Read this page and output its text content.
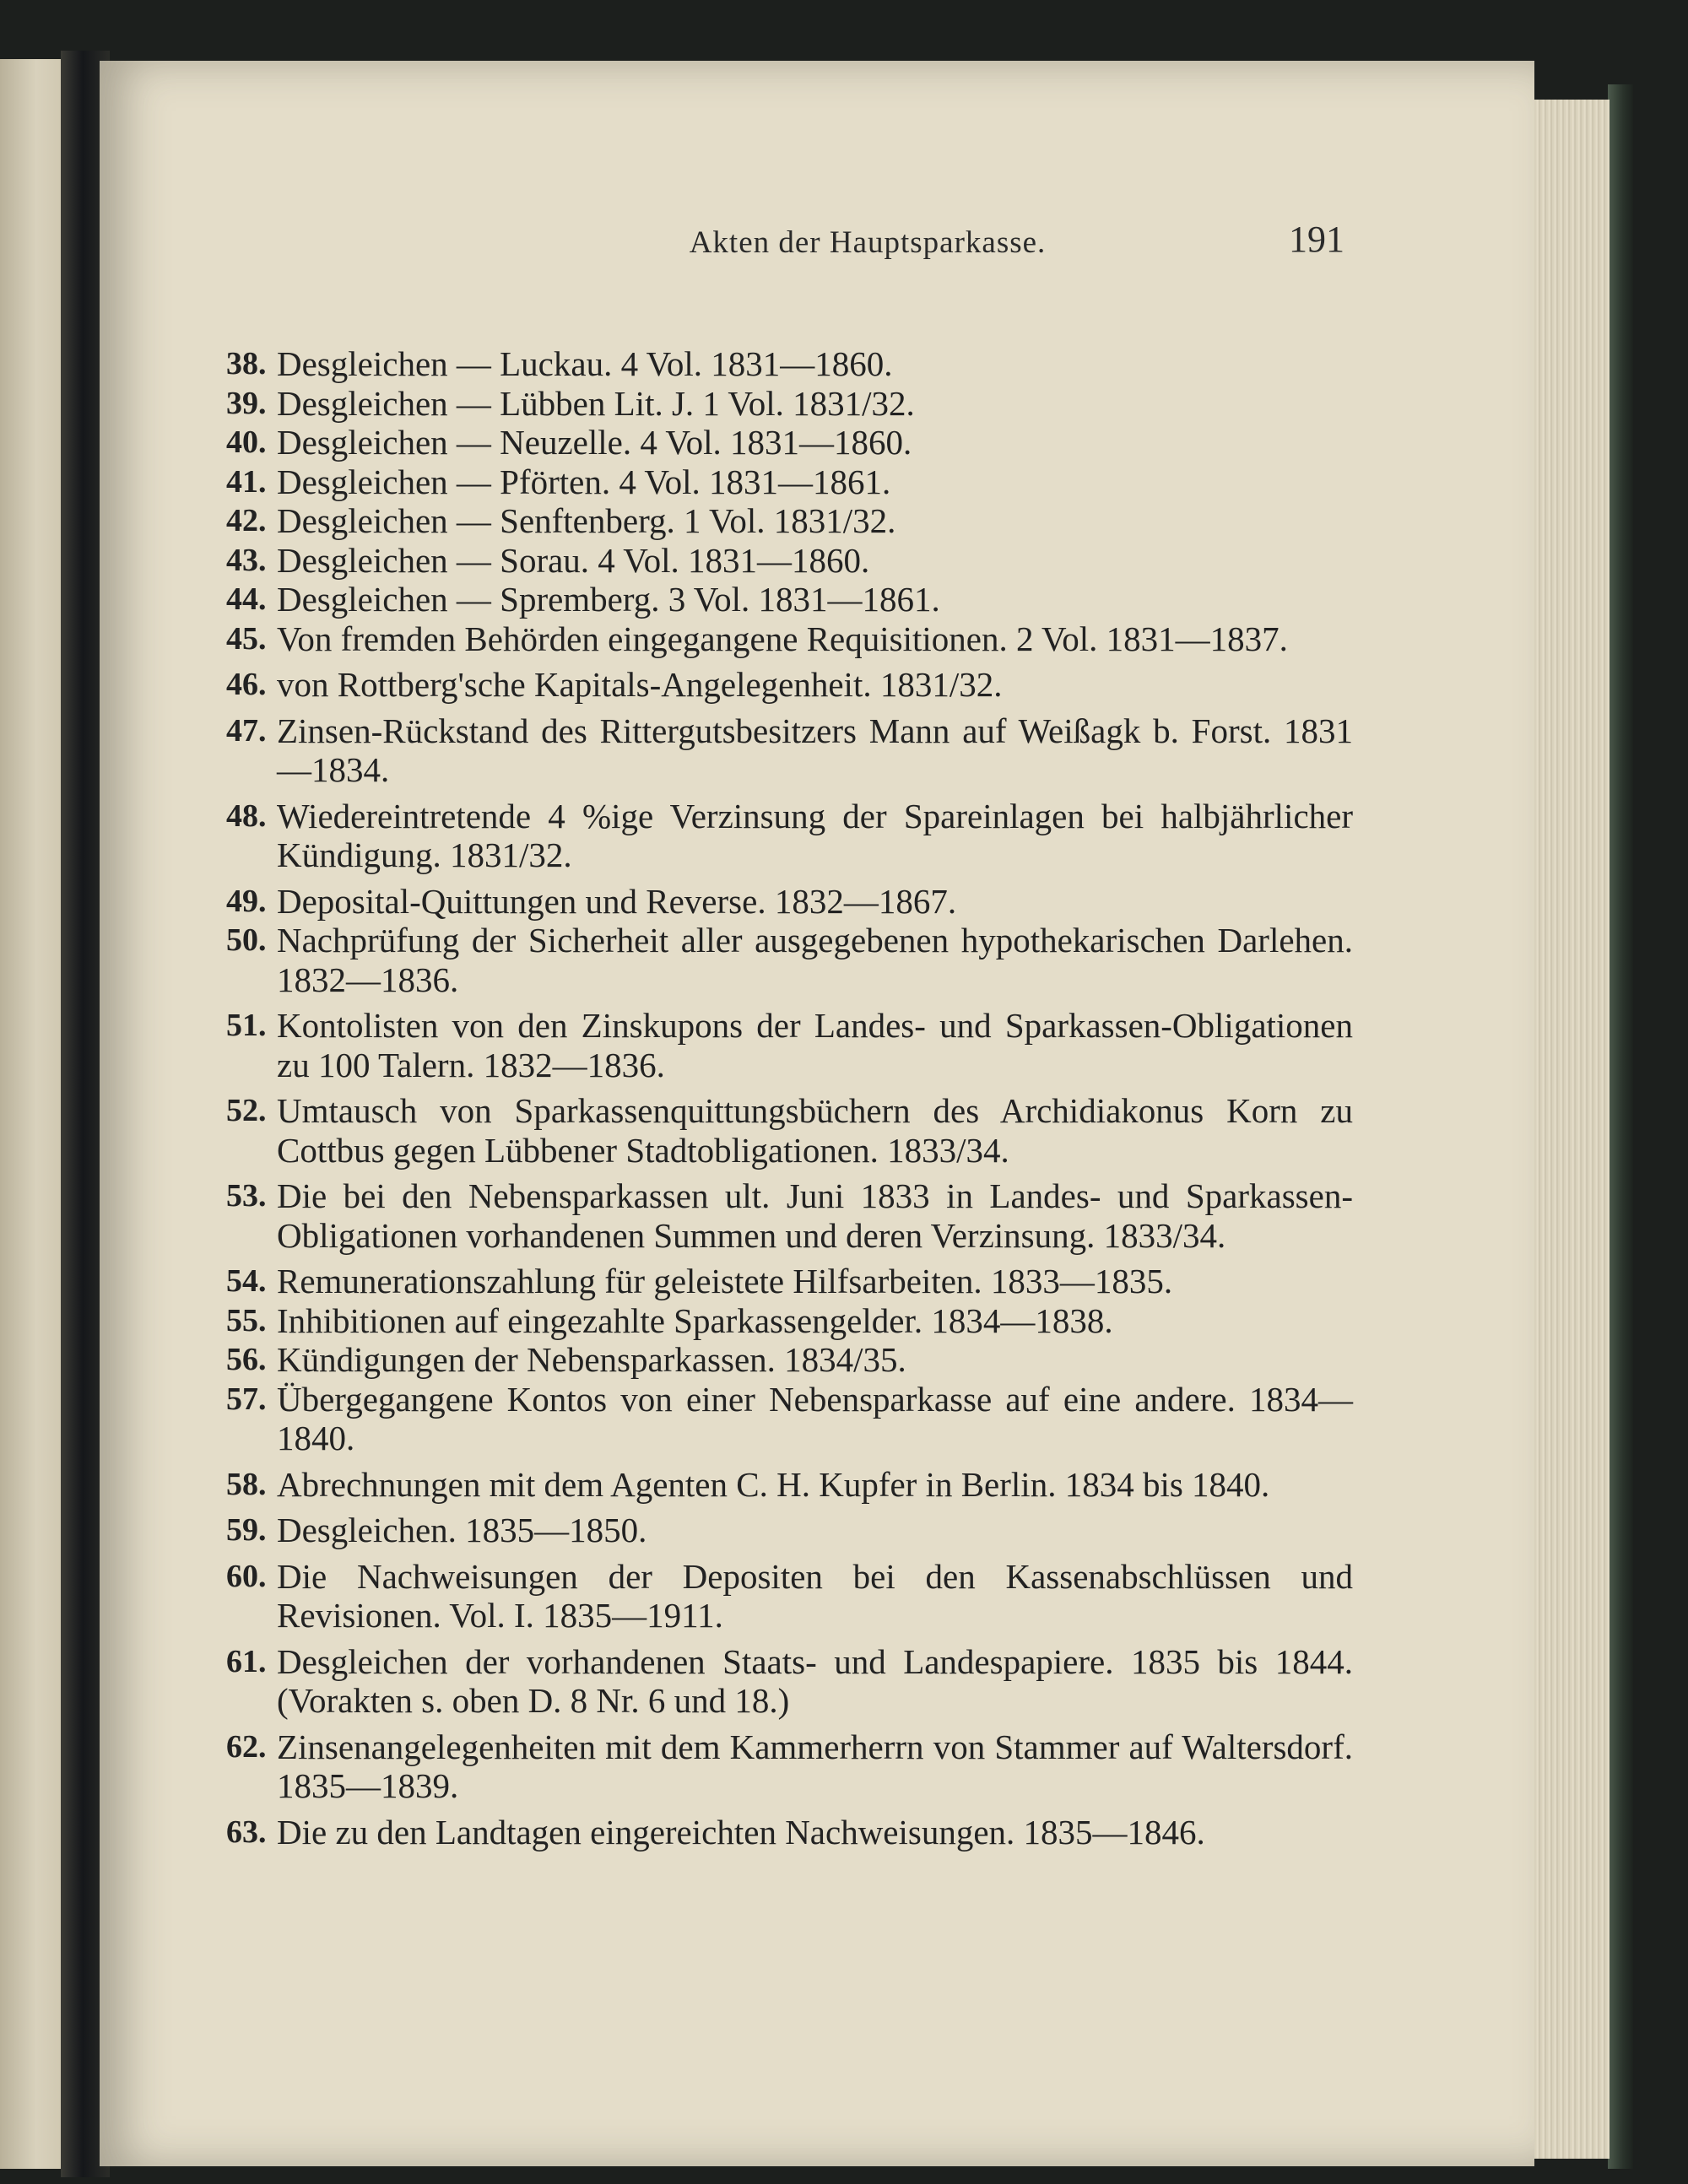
Akten der Hauptsparkasse.	191
38. Desgleichen — Luckau. 4 Vol. 1831—1860.
39. Desgleichen — Lübben Lit. J. 1 Vol. 1831/32.
40. Desgleichen — Neuzelle. 4 Vol. 1831—1860.
41. Desgleichen — Pförten. 4 Vol. 1831—1861.
42. Desgleichen — Senftenberg. 1 Vol. 1831/32.
43. Desgleichen — Sorau. 4 Vol. 1831—1860.
44. Desgleichen — Spremberg. 3 Vol. 1831—1861.
45. Von fremden Behörden eingegangene Requisitionen. 2 Vol. 1831—1837.
46. von Rottberg'sche Kapitals-Angelegenheit. 1831/32.
47. Zinsen-Rückstand des Rittergutsbesitzers Mann auf Weißagk b. Forst. 1831—1834.
48. Wiedereintretende 4 %ige Verzinsung der Spareinlagen bei halbjährlicher Kündigung. 1831/32.
49. Deposital-Quittungen und Reverse. 1832—1867.
50. Nachprüfung der Sicherheit aller ausgegebenen hypothekarischen Darlehen. 1832—1836.
51. Kontolisten von den Zinskupons der Landes- und Sparkassen-Obligationen zu 100 Talern. 1832—1836.
52. Umtausch von Sparkassenquittungsbüchern des Archidiakonus Korn zu Cottbus gegen Lübbener Stadtobligationen. 1833/34.
53. Die bei den Nebensparkassen ult. Juni 1833 in Landes- und Sparkassen-Obligationen vorhandenen Summen und deren Verzinsung. 1833/34.
54. Remunerationszahlung für geleistete Hilfsarbeiten. 1833—1835.
55. Inhibitionen auf eingezahlte Sparkassengelder. 1834—1838.
56. Kündigungen der Nebensparkassen. 1834/35.
57. Übergegangene Kontos von einer Nebensparkasse auf eine andere. 1834—1840.
58. Abrechnungen mit dem Agenten C. H. Kupfer in Berlin. 1834 bis 1840.
59. Desgleichen. 1835—1850.
60. Die Nachweisungen der Depositen bei den Kassenabschlüssen und Revisionen. Vol. I. 1835—1911.
61. Desgleichen der vorhandenen Staats- und Landespapiere. 1835 bis 1844. (Vorakten s. oben D. 8 Nr. 6 und 18.)
62. Zinsenangelegenheiten mit dem Kammerherrn von Stammer auf Waltersdorf. 1835—1839.
63. Die zu den Landtagen eingereichten Nachweisungen. 1835—1846.
